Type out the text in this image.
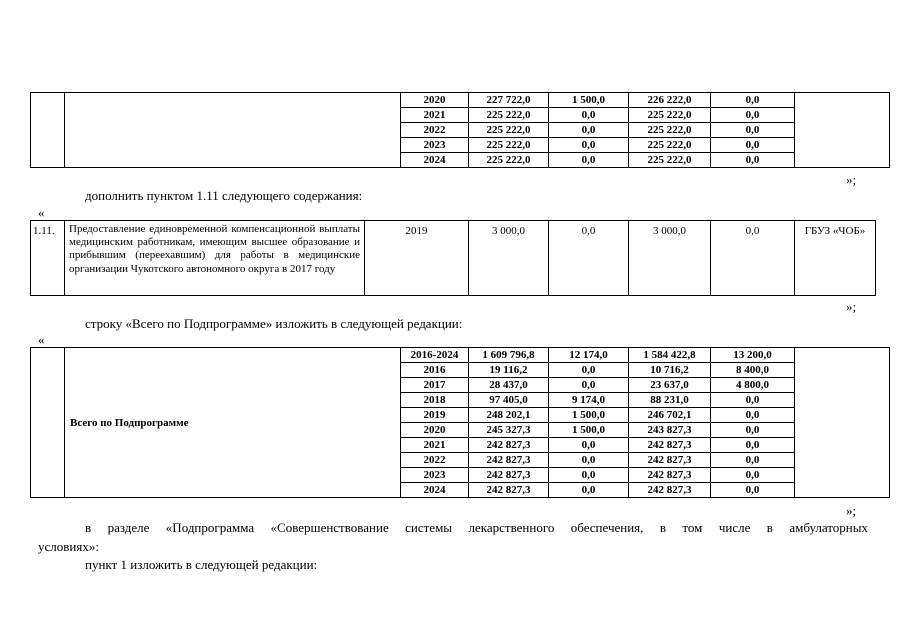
		2020	227 722,0	1 500,0	226 222,0	0,0	
		2021	225 222,0	0,0	225 222,0	0,0	
		2022	225 222,0	0,0	225 222,0	0,0	
		2023	225 222,0	0,0	225 222,0	0,0	
		2024	225 222,0	0,0	225 222,0	0,0	
»;
дополнить пунктом 1.11 следующего содержания:
«
1.11.	Предоставление единовременной компенсационной выплаты медицинским работникам, имеющим высшее образование и прибывшим (переехавшим) для работы в медицинские организации Чукотского автономного округа в 2017 году	2019	3 000,0	0,0	3 000,0	0,0	ГБУЗ «ЧОБ»
»;
строку «Всего по Подпрограмме» изложить в следующей редакции:
«
	Всего по Подпрограмме	2016-2024	1 609 796,8	12 174,0	1 584 422,8	13 200,0	
		2016	19 116,2	0,0	10 716,2	8 400,0	
		2017	28 437,0	0,0	23 637,0	4 800,0	
		2018	97 405,0	9 174,0	88 231,0	0,0	
		2019	248 202,1	1 500,0	246 702,1	0,0	
		2020	245 327,3	1 500,0	243 827,3	0,0	
		2021	242 827,3	0,0	242 827,3	0,0	
		2022	242 827,3	0,0	242 827,3	0,0	
		2023	242 827,3	0,0	242 827,3	0,0	
		2024	242 827,3	0,0	242 827,3	0,0	
»;
в разделе «Подпрограмма «Совершенствование системы лекарственного обеспечения, в том числе в амбулаторных
условиях»:
пункт 1 изложить в следующей редакции:
